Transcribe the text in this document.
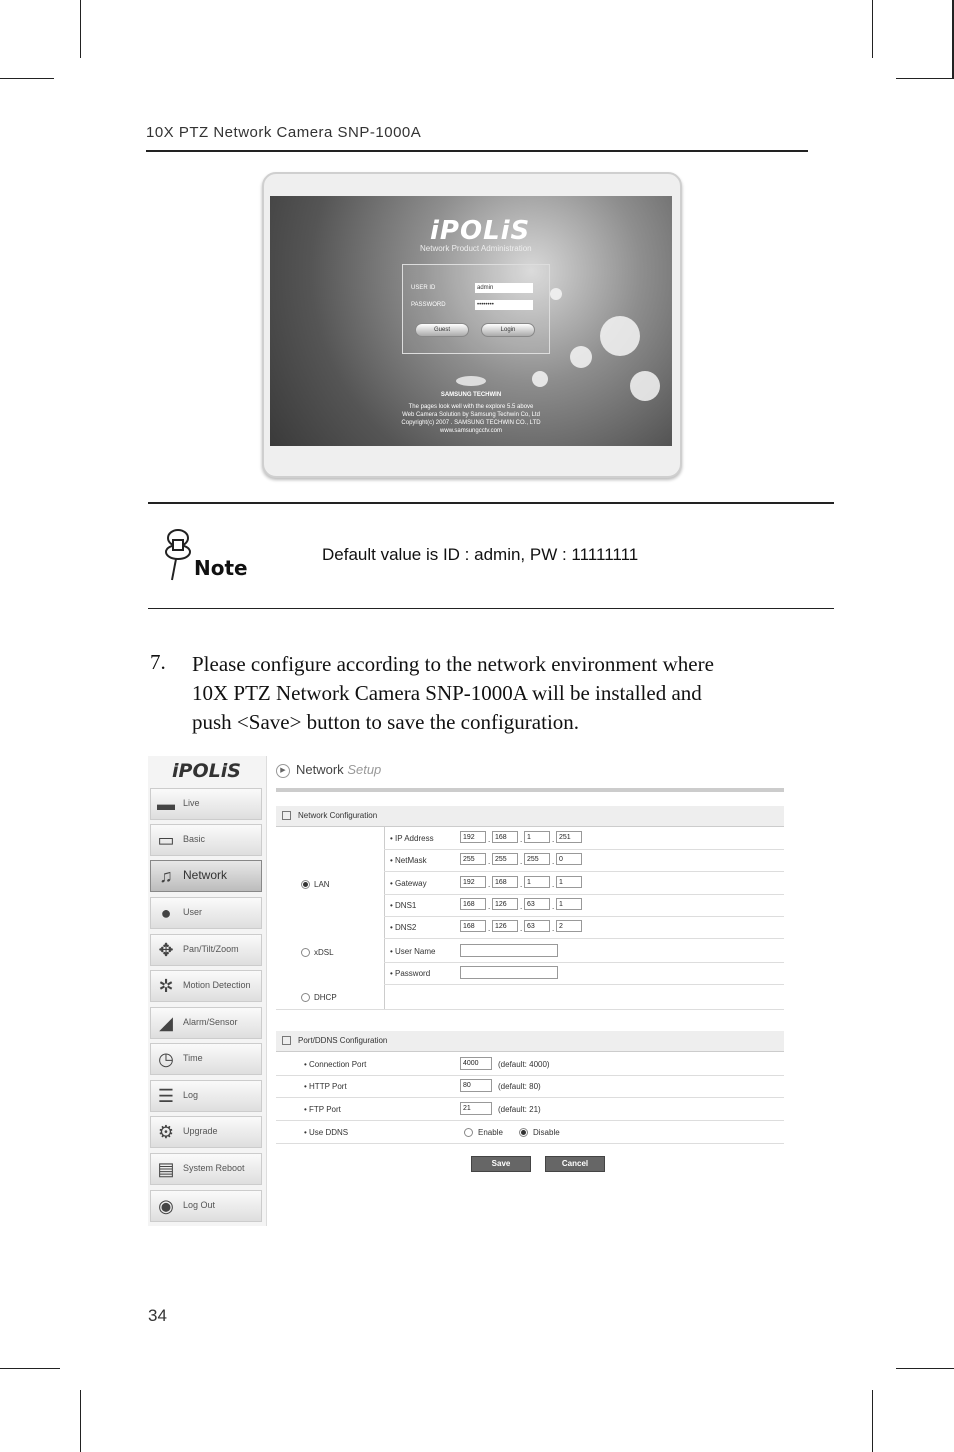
10X PTZ Network Camera SNP-1000A
iPOLiS
Network Product Administration
USER ID	admin
PASSWORD	••••••••
Guest	Login
SAMSUNG TECHWIN
The pages look well with the explore 5.5 above
Web Camera Solution by Samsung Techwin Co, Ltd
Copyright(c) 2007 . SAMSUNG TECHWIN CO., LTD
www.samsungcctv.com
Note
Default value is ID : admin, PW : 11111111
7. Please configure according to the network environment where
10X PTZ Network Camera SNP-1000A will be installed and
push <Save> button to save the configuration.
iPOLiS
▬ Live
▭ Basic
♫ Network
●	User
✥	Pan/Tilt/Zoom
✲	Motion Detection
◢	Alarm/Sensor
◷	Time
☰ Log
⚙ Upgrade
▤ System Reboot
◉	Log Out
▶ Network Setup
Network Configuration
LAN
• IP Address	192	. 168	. 1	. 251
• NetMask	255	. 255	. 255	. 0
• Gateway	192	. 168	. 1	. 1
• DNS1	168	. 126	. 63	. 1
• DNS2	168	. 126	. 63	. 2
xDSL	• User Name
• Password
DHCP
Port/DDNS Configuration
• Connection Port	4000	(default: 4000)
• HTTP Port	80	(default: 80)
• FTP Port	21	(default: 21)
• Use DDNS	Enable	Disable
Save	Cancel
34
